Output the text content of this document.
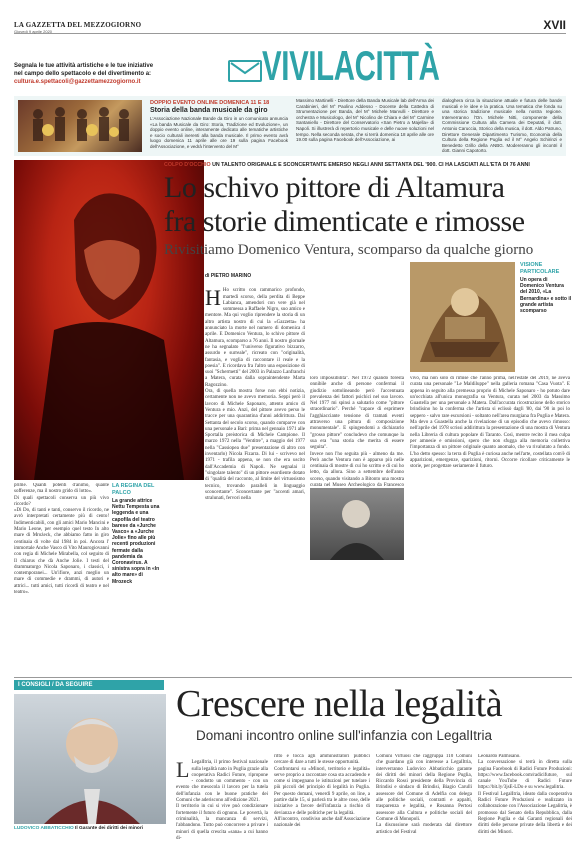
LA GAZZETTA DEL MEZZOGIORNO
Giovedì 9 aprile 2020	XVII
Segnala le tue attività artistiche e le tue iniziative
nel campo dello spettacolo e del divertimento a:
cultura.e.spettacoli@gazzettamezzogiorno.it	VIVILACITTÀ
DOPPIO EVENTO ONLINE DOMENICA 11 E 18
Storia della banda musicale da giro
L'Associazione Nazionale Bande da Giro in un comunicato annuncia «La banda Musicale da Giro: Storia, Tradizione ed Evoluzione», un doppio evento online, interamente dedicato alle tematiche artistiche e socio culturali inerenti alla banda musicale. Il primo evento avrà luogo domenica 11 aprile alle ore 19 sulla pagina Facebook dell'Associazione, e vedrà l'intervento del M°
Massimo Martinelli - Direttore della Banda Musicale lab dell'Arma dei Carabinieri, del M° Paolino Addesso - Docente della Cattedra di Strumentazione per Banda, del M° Michele Marvulli - Direttore e orchestra e Musicologo, del M° Nicolino de Chiara e del M° Carmine Santaniello - Direttore del Conservatorio «San Pietro a Majella» di Napoli. Si illustrerà di repertorio musicale e delle nuove soluzioni nel tempo. Nella seconda serata, che si terrà domenica 18 aprile alle ore 19.00 sulla pagina Facebook dell'Associazione, ai
dialoghera circa la situazione attuale e futura delle bande musicali e le idee e la pratica. Una tematica che fonda su una storica tradizione musicale nella nostra regione. Interverranno l'On. Michele Nitti, componente della Commissione Cultura alla Camera dei Deputati, il dott. Antonio Caruccia, Storico della musica, il dott. Aldo Patruno, Direttore Generale Dipartimento Turismo, Economia della Cultura della Regione Puglia ed il M° Angelo Schirinzi e Benedetto Grillo della ANBG. Modereranno gli incontri il dott. Gianni Capotorto.
prime. Quanti potenti d'animo, quante sofferenze, ma il nostro grido di lotto».
Di quali spettacoli conserva un più vivo ricordo?
«Di Do, di tanti e tanti, conservo il ricordo, ne avrò interpretati certamente più di cento! Indimenticabili, con gli amici Mario Mancini e Mario Leone, per esempio quel testo In alto mare di Mrożeck, che abbiamo fatto in giro centinaia di volte dal 1984 in poi. Ancora l' immortale Anche Vasco di Vito Maurogiovanni con regia di Michele Mirabella, col seguito di Il chiarus che dà Anche Jolie. I testi del drammaturgo Nicola Saponaro, i classici, i contemporanei... Un'ifiore, anzi meglio un mare di commedie e drammi, di autori e attrici... tutti amici, tutti ricordi di teatro e nel teatro».
LA REGINA DEL PALCO
La grande attrice Nettu Tempesta una leggenda e una capofila del teatro barese da «Jurche Vasco» a «Jurche Jolie» fino alle più recenti produzioni fermate dalla pandemia da Coronavirus. A sinistra sopra in «In alto mare» di Mrozeck
COLPO D'OCCHIO UN TALENTO ORIGINALE E SCONCERTANTE EMERSO NEGLI ANNI SETTANTA DEL '900. CI HA LASCIATI ALL'ETÀ DI 76 ANNI
Lo schivo pittore di Altamura
fra storie dimenticate e rimosse
Rivisitiamo Domenico Ventura, scomparso da qualche giorno
VISIONE PARTICOLARE
Un opera di Domenico Ventura del 2010, «La Bernardina» e sotto il grande artista scomparso
di PIETRO MARINO

H Ho scritto con rammarico profondo, martedì scorso, della perdita di Beppe Labianca, amendori con vere già nel sommessa a Raffaele Nigro, suo amico e mentore. Ma qui voglio riprendere la storia di un altro artista nostro di cui la «Gazzetta» ha annunciato la morte nel numero di domenica 4 aprile. E Domenico Ventura, lo schivo pittore di Altamura, scomparso a 76 anni. Il nostro giornale ne ha segnalato "l'universo figurativo bizzarro, assurdo e surreale", ricreato con "originalità, fantasia, e voglia di raccontare il reale e la poesia". E ricordava fra l'altro una esposizione di suoi "Schermetti" del 2003 in Palazzo Lanfranchi a Matera, curata dalla sopraintendente Marta Ragozzino.
Ora, di quella mostra forse non ebbi notizia, certamente non ne avevo memoria. Seppi però il lavoro di Michele Saponaro, attento amico di Ventura e mio. Anzi, del pittore avevo perso le tracce per una quarantina d'anni addirittura. Dai Settanta del secolo scorso, quando comparve con una personale a Bari: prima nel gennaio 1971 alle Sportalla preistorica di Michele Campione. Il marzo 1972 nella "Ventitre", a maggio del 1977 nella "Cassiopea due" presentazione di altro con inventarlo) Nicola Fizarra. Di lui - scrivevo nel 1971 - trafila appena, se non che era uscito dall'Accademia di Napoli. Ne segnalai il "singolare talento" di un pittore esordiente dotato di "qualità del racconto, al limite del virtuosismo tecnico, trovando paralleli in linguaggio sconcertante". Sconcertante per "accenti amari, stralunati, fervori nella

loro impossibilità". Nel 1972 quando foresta onnibile anche di persone confermai il giudizio sottolineando però l'accentuata prevalenza dei fattori psichici nel suo lavoro. Nel 1977 mi spinsi a salutarlo come "pittore straordinario". Perché "capace di esprimere l'agghiacciante tensione di tramati eventi attraverso una pittura di composizione monumentale". E spingendomi a dichiararlo "grosso pittore" concludevo che comunque la sua era "una storia che merita di essere seguita".
Invece non l'ho seguita più - almeno da me. Però anche Ventura non è apparso più nelle centinaia di mostre di cui ho scritto e di cui ho letto, da allora. Sino a settembre dell'anno scorso, quando visitando a Bitonto una mostra curata nel Museo Archeologico da Francesco
vivo, ma non solo di rimise che l'anno prima, nell'estate del 2019, ne aveva curata una personale "Le Maldiluppe" nella galleria romana "Casa Vuota". E appena in seguito alla premessa proprio di Michele Saponaro - ho potuto dare un'occhiata all'unica monografia su Ventura, curata nel 2003 da Massimo Guastella per una personale a Matera. Dall'accurata ricostruzione dello storico brindisino ho la conferma che l'artista si eclissò dagli '80, dai '90 in poi lo seppero - salvo rare escursioni - soltanto nell'area murgiana fra Puglia e Matera. Ma devo a Guastella anche la rivelazione di un episodio che avevo rimosso: nell'aprile del 1978 scrissi addirittura la presentazione di una mostra di Ventura nella Libreria di cultura popolare di Taranto. Così, mentre recito il mea culpa per amnesie e omissioni, spero che non sfugga alla memoria collettiva l'importanza di un pittore originale quanto anomalo, che va rivalutato a fondo. L'ho detto spesso: la terra di Puglia è curiosa anche nell'arte, costellata com'è di apparizioni, emergenze, sparizioni, ritorni. Occorre ricollare criticamente le storie, per progettare seriamente il futuro.
I CONSIGLI / DA SEGUIRE	Crescere nella legalità
Domani incontro online sull'infanzia con LegalItria
LUDOVICO ABBATICCHIO Il Garante dei diritti dei minori

L LegalItria, il primo festival nazionale sulla legalità nato in Puglia grazie alla cooperativa Radici Future, ripropone - condotto un commento - con un evento che mesocola il lavoro per la tutela dell'infanzia con le buone pratiche dei Comuni che aderiscono all'edizione 2021.
Il territorio in cui si vive può condizionare fortemente il futuro di ognuno. Le povertà, la criminalità, la mancanza di servizi, l'abbandono. Tutto può concorrere a privare i minori di quella crescita «sana» a cui hanno di-

ritto e tocca agli amministratori pubblici cercare di dare a tutti le stesse opportunità.
Confrontarsi su «Minori, territorio e legalità» serve proprio a raccontare cosa sta accadendo e come si impegnano le istituzioni per tutelare i più piccoli del principio di legalità in Puglia. Per questo domani, venerdì 9 aprile, on line, a partire dalle 15, si parlerà tra le altre cose, delle iniziative a favore dell'infanzia a rischio di devianza e delle politiche per la legalità.
All'incontro, condiviso anche dall'Associazione nazionale dei
Comuni Virtuosi che raggruppa 110 Comuni che guardano già con interesse a LegalItria, interverranno Ludovico Abbaticchio garante dei diritti dei minori della Regione Puglia, Riccardo Rossi presidente della Provincia di Brindisi e sindaco di Brindisi, Biagio Carulli assessore del Comune di Adelfia con delega alle politiche sociali, contratti e appalti, trasparenza e legalità, e Rosanna Pertosi assessore alla Cultura e politiche sociali del Comune di Monopoli.
La discussione sarà moderata dal direttore artistico del Festival
Leonardo Palmisano.
La conversazione si terrà in diretta sulla pagina Facebook di Radici Future Produzioni: https://www.facebook.com/radicifuture, sul canale YouTube di Radici Future https://bit.ly/3jsE-LDo e su www.legalitria.
Il Festival LegalItria, ideato dalla cooperativa Radici Future Produzioni e realizzato in collaborazione con l'Associazione Legalitria, è promosso dal Senato della Repubblica, dalla Regione Puglia e dai Garanti regionali dei diritti delle persone private della libertà e dei diritti dei Minori.
